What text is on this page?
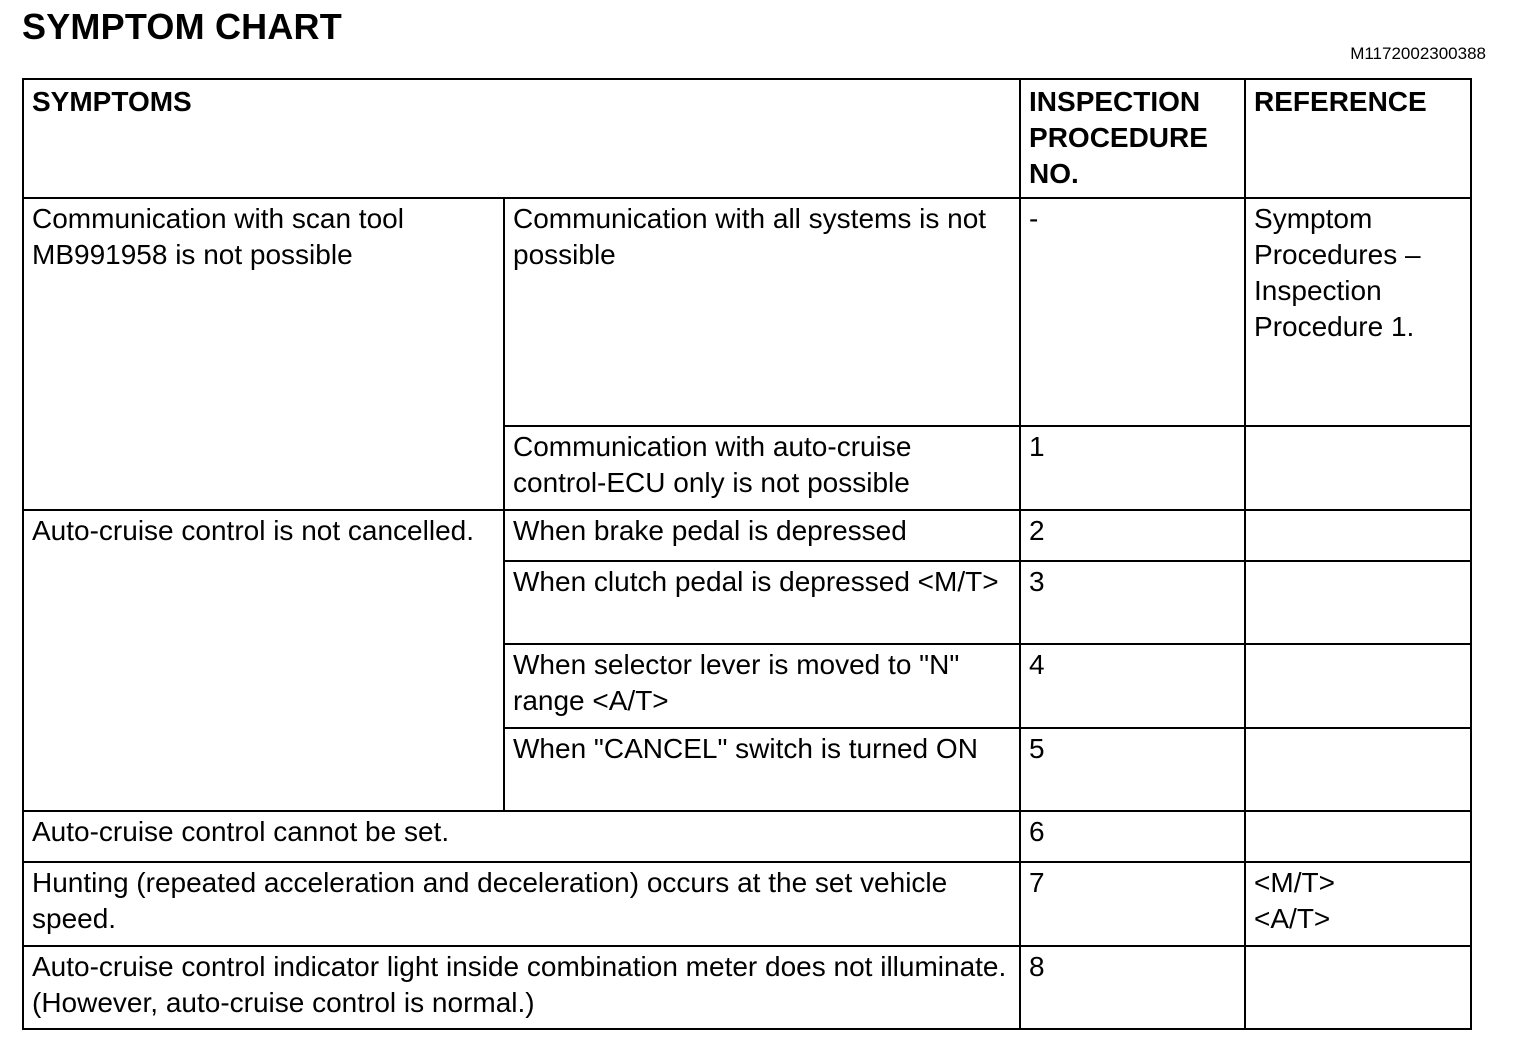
SYMPTOM CHART
M1172002300388
SYMPTOMS		INSPECTION
PROCEDURE
NO.	REFERENCE
Communication with scan tool MB991958 is not possible	Communication with all systems is not possible	-	Symptom
Procedures –
Inspection
Procedure 1.

	Communication with auto-cruise control-ECU only is not possible	1	
Auto-cruise control is not cancelled.	When brake pedal is depressed	2	
	When clutch pedal is depressed <M/T>	3	
	When selector lever is moved to "N" range <A/T>	4	
	When "CANCEL" switch is turned ON	5	
Auto-cruise control cannot be set.		6	
Hunting (repeated acceleration and deceleration) occurs at the set vehicle speed.		7	<M/T>
<A/T>

Auto-cruise control indicator light inside combination meter does not illuminate. (However, auto-cruise control is normal.)		8	
